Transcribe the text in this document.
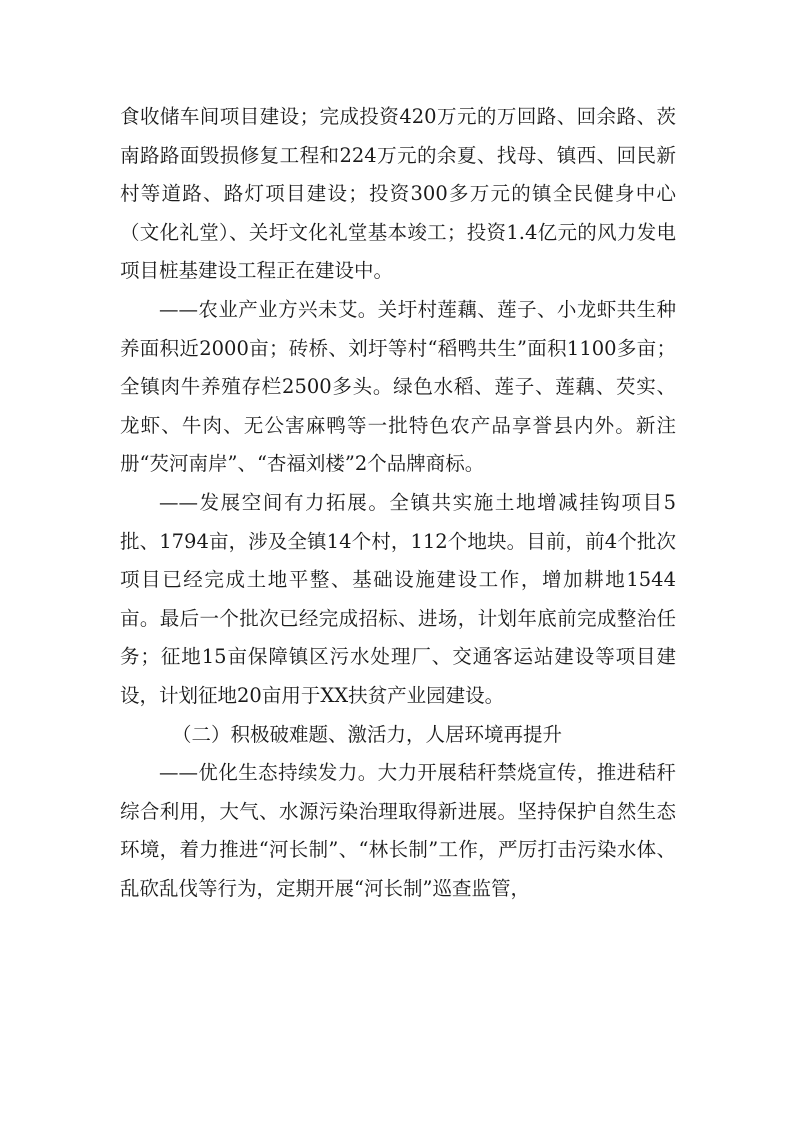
食收储车间项目建设；完成投资420万元的万回路、回余路、茨南路路面毁损修复工程和224万元的余夏、找母、镇西、回民新村等道路、路灯项目建设；投资300多万元的镇全民健身中心（文化礼堂）、关圩文化礼堂基本竣工；投资1.4亿元的风力发电项目桩基建设工程正在建设中。

——农业产业方兴未艾。关圩村莲藕、莲子、小龙虾共生种养面积近2000亩；砖桥、刘圩等村“稻鸭共生”面积1100多亩；全镇肉牛养殖存栏2500多头。绿色水稻、莲子、莲藕、芡实、龙虾、牛肉、无公害麻鸭等一批特色农产品享誉县内外。新注册“芡河南岸”、“杏福刘楼”2个品牌商标。

——发展空间有力拓展。全镇共实施土地增减挂钩项目5批、1794亩，涉及全镇14个村，112个地块。目前，前4个批次项目已经完成土地平整、基础设施建设工作，增加耕地1544亩。最后一个批次已经完成招标、进场，计划年底前完成整治任务；征地15亩保障镇区污水处理厂、交通客运站建设等项目建设，计划征地20亩用于XX扶贫产业园建设。

（二）积极破难题、激活力，人居环境再提升

——优化生态持续发力。大力开展秸秆禁烧宣传，推进秸秆综合利用，大气、水源污染治理取得新进展。坚持保护自然生态环境，着力推进“河长制”、“林长制”工作，严厉打击污染水体、乱砍乱伐等行为，定期开展“河长制”巡查监管，
